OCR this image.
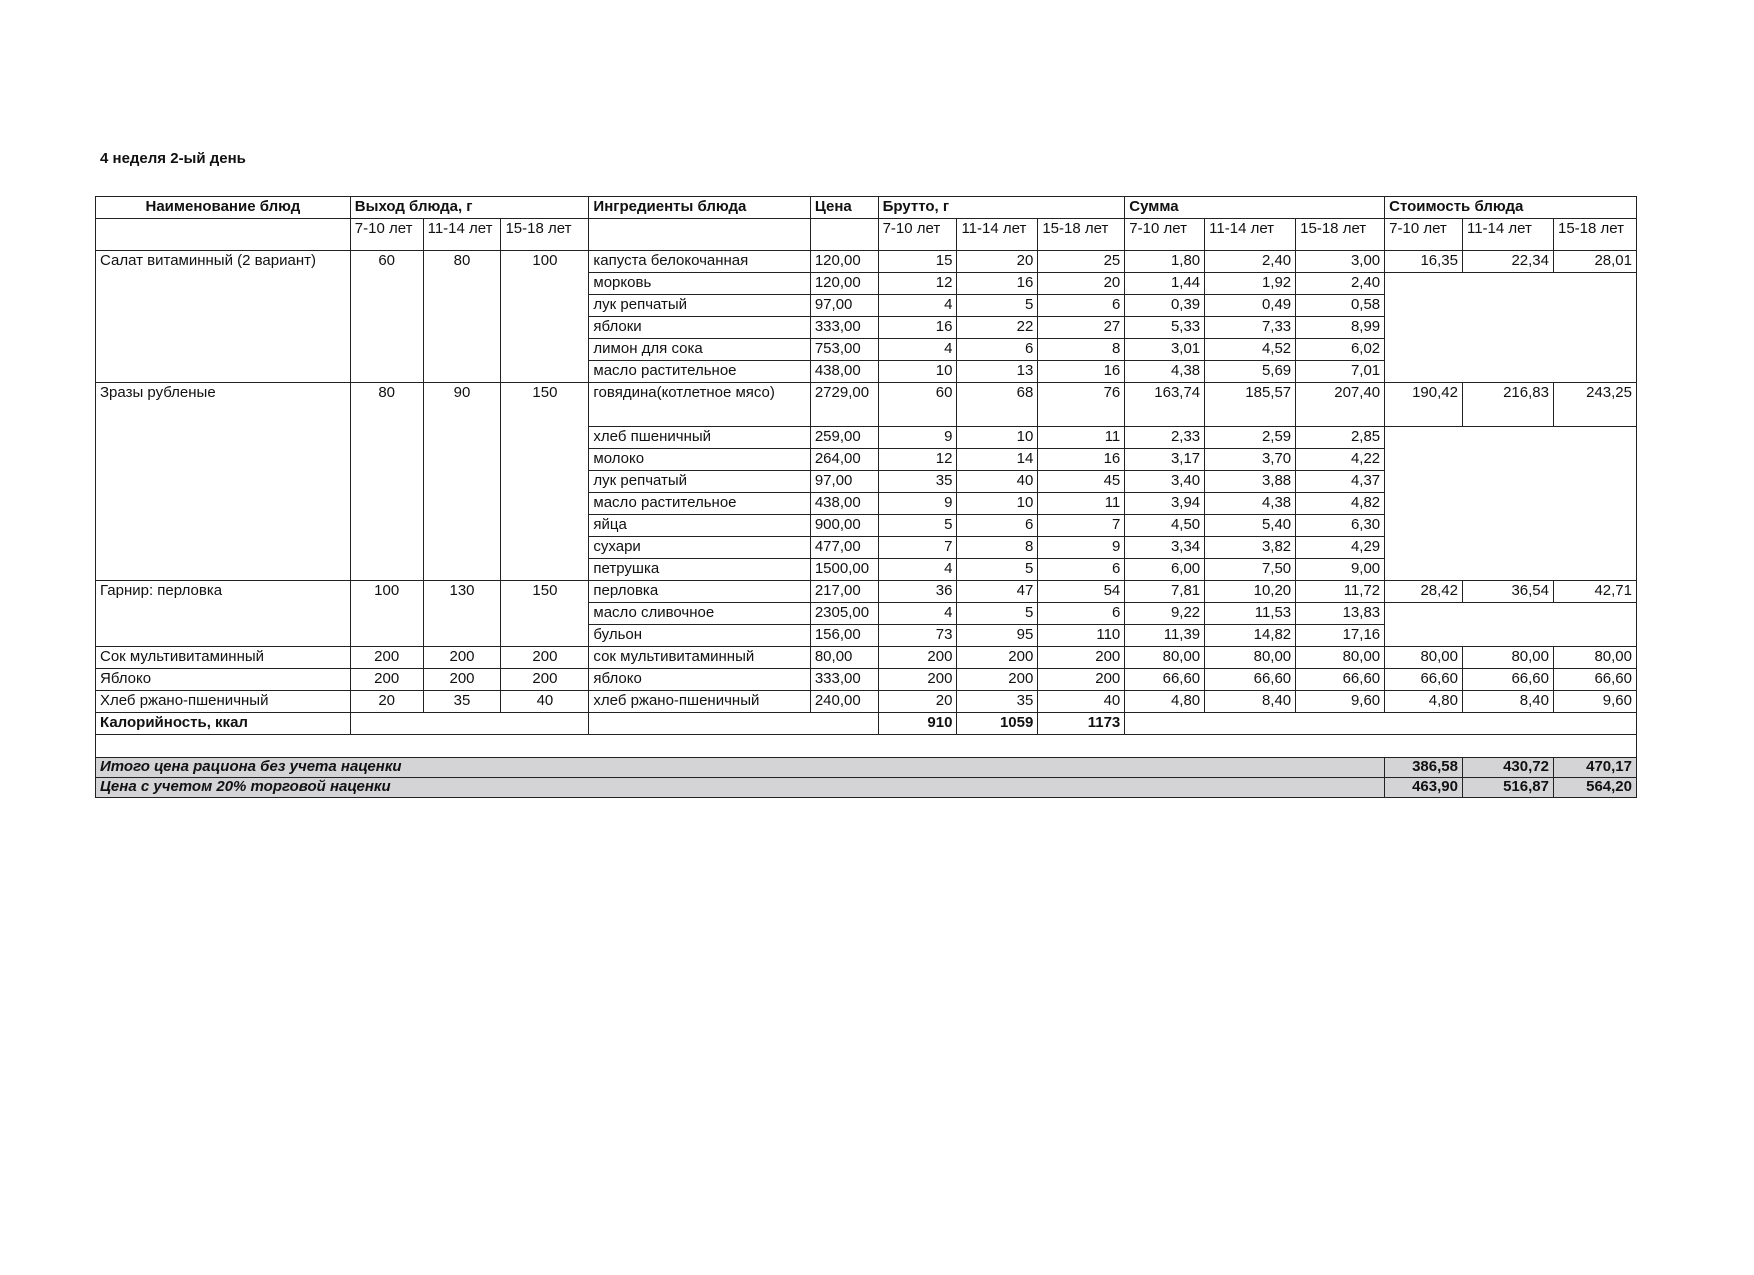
4 неделя 2-ый день
Наименование блюд	Выход блюда, г			Ингредиенты блюда	Цена	Брутто, г			Сумма			Стоимость блюда		
	7-10 лет	11-14 лет	15-18 лет			7-10 лет	11-14 лет	15-18 лет	7-10 лет	11-14 лет	15-18 лет	7-10 лет	11-14 лет	15-18 лет
Салат витаминный (2 вариант)	60	80	100	капуста белокочанная	120,00	15	20	25	1,80	2,40	3,00	16,35	22,34	28,01
				морковь	120,00	12	16	20	1,44	1,92	2,40			
				лук репчатый	97,00	4	5	6	0,39	0,49	0,58			
				яблоки	333,00	16	22	27	5,33	7,33	8,99			
				лимон для сока	753,00	4	6	8	3,01	4,52	6,02			
				масло растительное	438,00	10	13	16	4,38	5,69	7,01			
Зразы рубленые	80	90	150	говядина(котлетное мясо)	2729,00	60	68	76	163,74	185,57	207,40	190,42	216,83	243,25
				хлеб пшеничный	259,00	9	10	11	2,33	2,59	2,85			
				молоко	264,00	12	14	16	3,17	3,70	4,22			
				лук репчатый	97,00	35	40	45	3,40	3,88	4,37			
				масло растительное	438,00	9	10	11	3,94	4,38	4,82			
				яйца	900,00	5	6	7	4,50	5,40	6,30			
				сухари	477,00	7	8	9	3,34	3,82	4,29			
				петрушка	1500,00	4	5	6	6,00	7,50	9,00			
Гарнир: перловка	100	130	150	перловка	217,00	36	47	54	7,81	10,20	11,72	28,42	36,54	42,71
				масло сливочное	2305,00	4	5	6	9,22	11,53	13,83			
				бульон	156,00	73	95	110	11,39	14,82	17,16			
Сок мультивитаминный	200	200	200	сок мультивитаминный	80,00	200	200	200	80,00	80,00	80,00	80,00	80,00	80,00
Яблоко	200	200	200	яблоко	333,00	200	200	200	66,60	66,60	66,60	66,60	66,60	66,60
Хлеб ржано-пшеничный	20	35	40	хлеб ржано-пшеничный	240,00	20	35	40	4,80	8,40	9,60	4,80	8,40	9,60
Калорийность, ккал						910	1059	1173						

Итого цена рациона без учета наценки												386,58	430,72	470,17
Цена с учетом 20% торговой наценки												463,90	516,87	564,20
